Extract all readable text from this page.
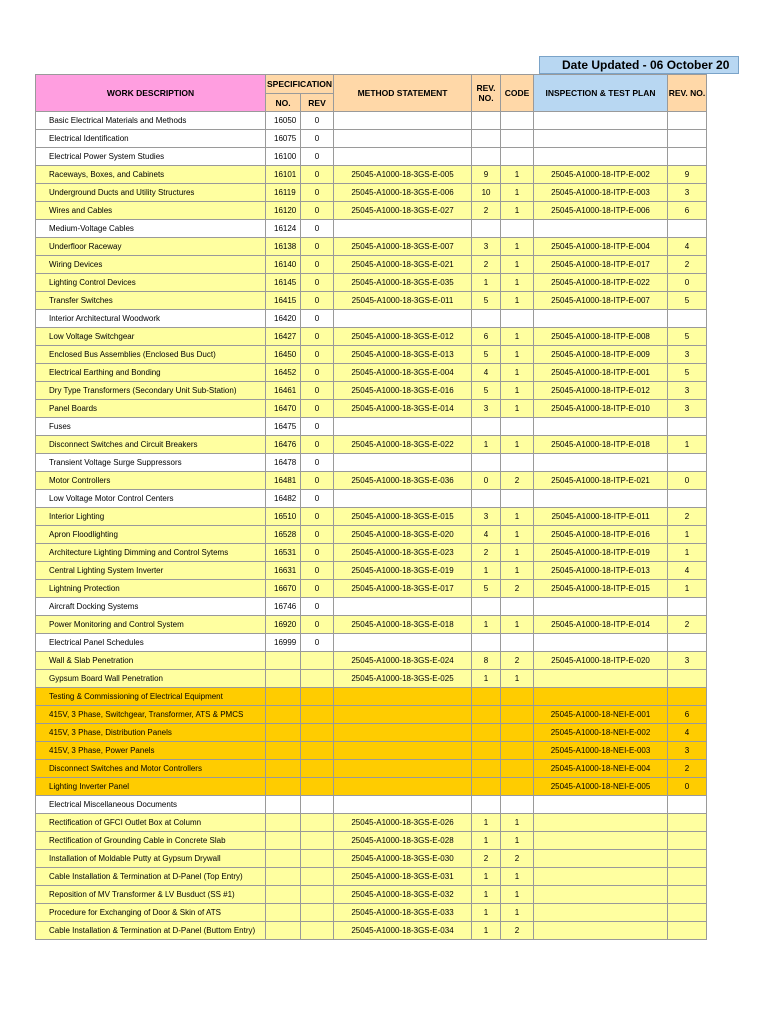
Date Updated - 06 October 20
WORK DESCRIPTION	SPECIFICATION		METHOD STATEMENT	REV. NO.	CODE	INSPECTION & TEST PLAN	REV. NO.
	NO.	REV					
Basic Electrical Materials and Methods	16050	0					
Electrical Identification	16075	0					
Electrical Power System Studies	16100	0					
Raceways, Boxes, and Cabinets	16101	0	25045-A1000-18-3GS-E-005	9	1	25045-A1000-18-ITP-E-002	9
Underground Ducts and Utility Structures	16119	0	25045-A1000-18-3GS-E-006	10	1	25045-A1000-18-ITP-E-003	3
Wires and Cables	16120	0	25045-A1000-18-3GS-E-027	2	1	25045-A1000-18-ITP-E-006	6
Medium-Voltage Cables	16124	0					
Underfloor Raceway	16138	0	25045-A1000-18-3GS-E-007	3	1	25045-A1000-18-ITP-E-004	4
Wiring Devices	16140	0	25045-A1000-18-3GS-E-021	2	1	25045-A1000-18-ITP-E-017	2
Lighting Control Devices	16145	0	25045-A1000-18-3GS-E-035	1	1	25045-A1000-18-ITP-E-022	0
Transfer Switches	16415	0	25045-A1000-18-3GS-E-011	5	1	25045-A1000-18-ITP-E-007	5
Interior Architectural Woodwork	16420	0					
Low Voltage Switchgear	16427	0	25045-A1000-18-3GS-E-012	6	1	25045-A1000-18-ITP-E-008	5
Enclosed Bus Assemblies (Enclosed Bus Duct)	16450	0	25045-A1000-18-3GS-E-013	5	1	25045-A1000-18-ITP-E-009	3
Electrical Earthing and Bonding	16452	0	25045-A1000-18-3GS-E-004	4	1	25045-A1000-18-ITP-E-001	5
Dry Type Transformers (Secondary Unit Sub-Station)	16461	0	25045-A1000-18-3GS-E-016	5	1	25045-A1000-18-ITP-E-012	3
Panel Boards	16470	0	25045-A1000-18-3GS-E-014	3	1	25045-A1000-18-ITP-E-010	3
Fuses	16475	0					
Disconnect Switches and Circuit Breakers	16476	0	25045-A1000-18-3GS-E-022	1	1	25045-A1000-18-ITP-E-018	1
Transient Voltage Surge Suppressors	16478	0					
Motor Controllers	16481	0	25045-A1000-18-3GS-E-036	0	2	25045-A1000-18-ITP-E-021	0
Low Voltage Motor Control Centers	16482	0					
Interior Lighting	16510	0	25045-A1000-18-3GS-E-015	3	1	25045-A1000-18-ITP-E-011	2
Apron Floodlighting	16528	0	25045-A1000-18-3GS-E-020	4	1	25045-A1000-18-ITP-E-016	1
Architecture Lighting Dimming and Control Sytems	16531	0	25045-A1000-18-3GS-E-023	2	1	25045-A1000-18-ITP-E-019	1
Central Lighting System Inverter	16631	0	25045-A1000-18-3GS-E-019	1	1	25045-A1000-18-ITP-E-013	4
Lightning Protection	16670	0	25045-A1000-18-3GS-E-017	5	2	25045-A1000-18-ITP-E-015	1
Aircraft Docking Systems	16746	0					
Power Monitoring and Control System	16920	0	25045-A1000-18-3GS-E-018	1	1	25045-A1000-18-ITP-E-014	2
Electrical Panel Schedules	16999	0					
Wall & Slab Penetration			25045-A1000-18-3GS-E-024	8	2	25045-A1000-18-ITP-E-020	3
Gypsum Board Wall Penetration			25045-A1000-18-3GS-E-025	1	1		
Testing & Commissioning of Electrical Equipment							
415V, 3 Phase, Switchgear, Transformer, ATS & PMCS						25045-A1000-18-NEI-E-001	6
415V, 3 Phase, Distribution Panels						25045-A1000-18-NEI-E-002	4
415V, 3 Phase, Power Panels						25045-A1000-18-NEI-E-003	3
Disconnect Switches and Motor Controllers						25045-A1000-18-NEI-E-004	2
Lighting Inverter Panel						25045-A1000-18-NEI-E-005	0
Electrical Miscellaneous Documents							
Rectification of GFCI Outlet Box at Column			25045-A1000-18-3GS-E-026	1	1		
Rectification of Grounding Cable in Concrete Slab			25045-A1000-18-3GS-E-028	1	1		
Installation of Moldable Putty at Gypsum Drywall			25045-A1000-18-3GS-E-030	2	2		
Cable Installation & Termination at D-Panel (Top Entry)			25045-A1000-18-3GS-E-031	1	1		
Reposition of MV Transformer & LV Busduct (SS #1)			25045-A1000-18-3GS-E-032	1	1		
Procedure for Exchanging of Door & Skin of ATS			25045-A1000-18-3GS-E-033	1	1		
Cable Installation & Termination at D-Panel (Buttom Entry)			25045-A1000-18-3GS-E-034	1	2		
